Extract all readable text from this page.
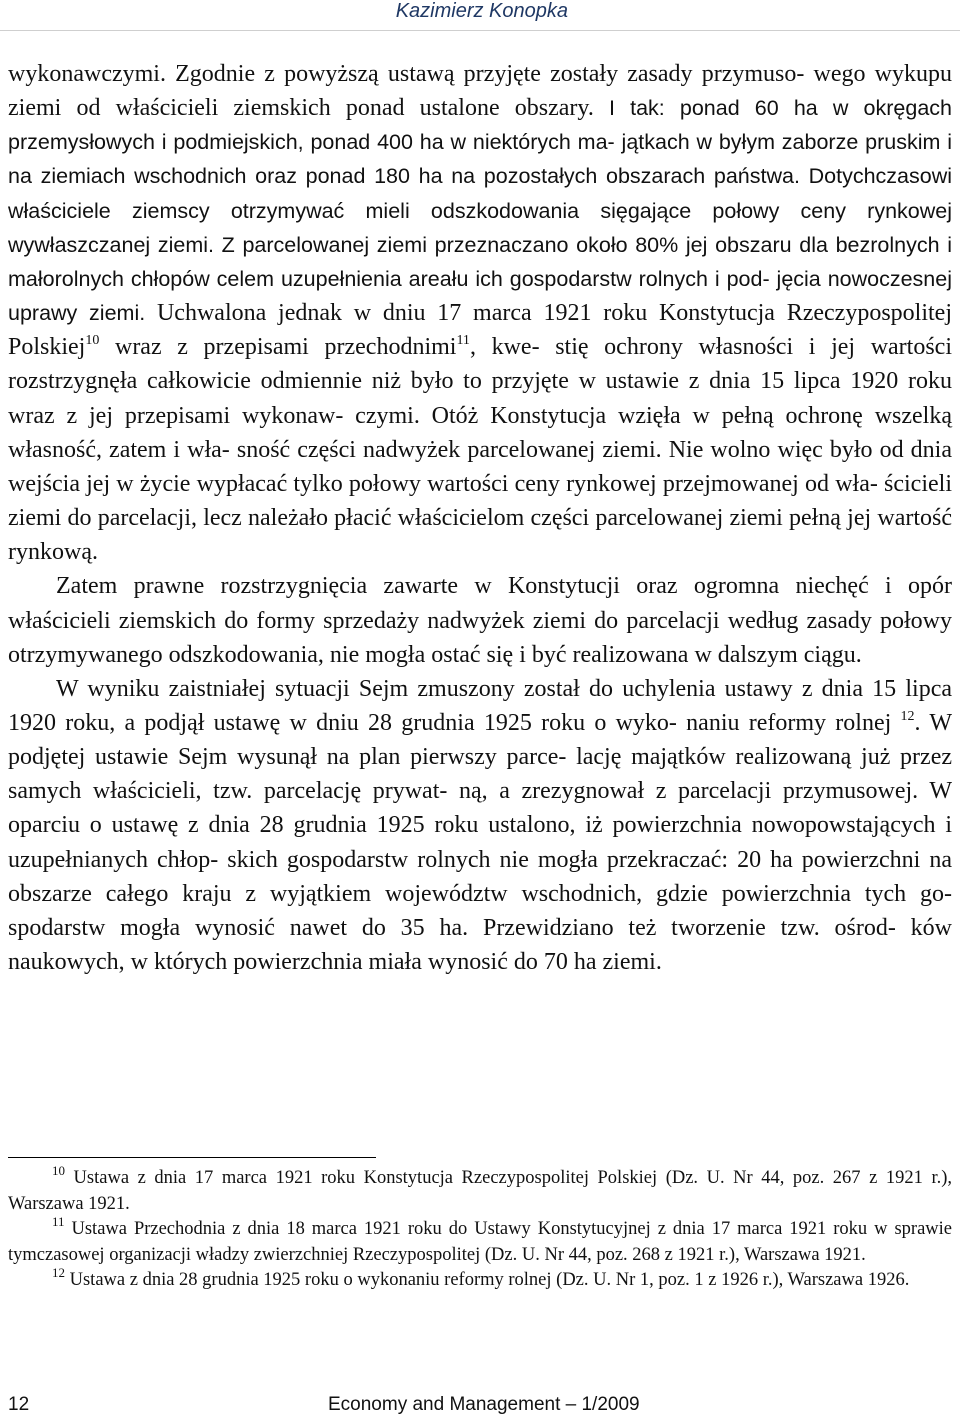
Kazimierz Konopka

wykonawczymi. Zgodnie z powyższą ustawą przyjęte zostały zasady przymuso- wego wykupu ziemi od właścicieli ziemskich ponad ustalone obszary. I tak: ponad 60 ha w okręgach przemysłowych i podmiejskich, ponad 400 ha w niektórych ma- jątkach w byłym zaborze pruskim i na ziemiach wschodnich oraz ponad 180 ha na pozostałych obszarach państwa. Dotychczasowi właściciele ziemscy otrzymywać mieli odszkodowania sięgające połowy ceny rynkowej wywłaszczanej ziemi. Z parcelowanej ziemi przeznaczano około 80% jej obszaru dla bezrolnych i małorolnych chłopów celem uzupełnienia areału ich gospodarstw rolnych i pod- jęcia nowoczesnej uprawy ziemi. Uchwalona jednak w dniu 17 marca 1921 roku Konstytucja Rzeczypospolitej Polskiej$^{10}$ wraz z przepisami przechodnimi$^{11}$, kwe- stię ochrony własności i jej wartości rozstrzygnęła całkowicie odmiennie niż było to przyjęte w ustawie z dnia 15 lipca 1920 roku wraz z jej przepisami wykonaw- czymi. Otóż Konstytucja wzięła w pełną ochronę wszelką własność, zatem i wła- sność części nadwyżek parcelowanej ziemi. Nie wolno więc było od dnia wejścia jej w życie wypłacać tylko połowy wartości ceny rynkowej przejmowanej od wła- ścicieli ziemi do parcelacji, lecz należało płacić właścicielom części parcelowanej ziemi pełną jej wartość rynkową.

Zatem prawne rozstrzygnięcia zawarte w Konstytucji oraz ogromna niechęć i opór właścicieli ziemskich do formy sprzedaży nadwyżek ziemi do parcelacji według zasady połowy otrzymywanego odszkodowania, nie mogła ostać się i być realizowana w dalszym ciągu.

W wyniku zaistniałej sytuacji Sejm zmuszony został do uchylenia ustawy z dnia 15 lipca 1920 roku, a podjął ustawę w dniu 28 grudnia 1925 roku o wyko- naniu reformy rolnej $^{12}$. W podjętej ustawie Sejm wysunął na plan pierwszy parce- lację majątków realizowaną już przez samych właścicieli, tzw. parcelację prywat- ną, a zrezygnował z parcelacji przymusowej. W oparciu o ustawę z dnia 28 grudnia 1925 roku ustalono, iż powierzchnia nowopowstających i uzupełnianych chłop- skich gospodarstw rolnych nie mogła przekraczać: 20 ha powierzchni na obszarze całego kraju z wyjątkiem województw wschodnich, gdzie powierzchnia tych go- spodarstw mogła wynosić nawet do 35 ha. Przewidziano też tworzenie tzw. ośrod- ków naukowych, w których powierzchnia miała wynosić do 70 ha ziemi.

$^{10}$ Ustawa z dnia 17 marca 1921 roku Konstytucja Rzeczypospolitej Polskiej (Dz. U. Nr 44, poz. 267 z 1921 r.), Warszawa 1921.

$^{11}$ Ustawa Przechodnia z dnia 18 marca 1921 roku do Ustawy Konstytucyjnej z dnia 17 marca 1921 roku w sprawie tymczasowej organizacji władzy zwierzchniej Rzeczypospolitej (Dz. U. Nr 44, poz. 268 z 1921 r.), Warszawa 1921.

$^{12}$ Ustawa z dnia 28 grudnia 1925 roku o wykonaniu reformy rolnej (Dz. U. Nr 1, poz. 1 z 1926 r.), Warszawa 1926.

12	Economy and Management – 1/2009
